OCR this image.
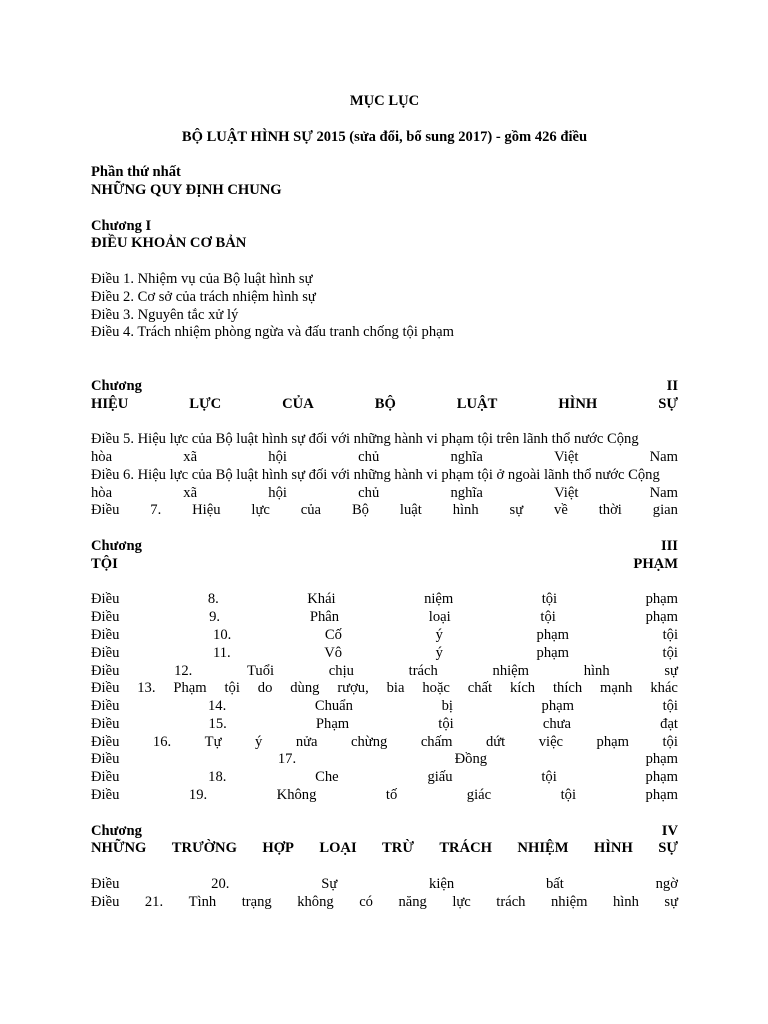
MỤC LỤC
BỘ LUẬT HÌNH SỰ 2015 (sửa đổi, bổ sung 2017) - gồm 426 điều
Phần thứ nhất
NHỮNG QUY ĐỊNH CHUNG
Chương I
ĐIỀU KHOẢN CƠ BẢN
Điều 1. Nhiệm vụ của Bộ luật hình sự
Điều 2. Cơ sở của trách nhiệm hình sự
Điều 3. Nguyên tắc xử lý
Điều 4. Trách nhiệm phòng ngừa và đấu tranh chống tội phạm
Chương	II
HIỆU	LỰC	CỦA	BỘ	LUẬT	HÌNH	SỰ
Điều 5. Hiệu lực của Bộ luật hình sự đối với những hành vi phạm tội trên lãnh thổ nước Cộng
hòa	xã	hội	chủ	nghĩa	Việt	Nam
Điều 6. Hiệu lực của Bộ luật hình sự đối với những hành vi phạm tội ở ngoài lãnh thổ nước Cộng
hòa	xã	hội	chủ	nghĩa	Việt	Nam
Điều 7. Hiệu lực của Bộ luật hình sự về thời gian
Chương	III
TỘI	PHẠM
Điều	8.	Khái	niệm	tội	phạm
Điều	9.	Phân	loại	tội	phạm
Điều	10.	Cố	ý	phạm	tội
Điều	11.	Vô	ý	phạm	tội
Điều	12.	Tuổi	chịu	trách	nhiệm	hình	sự
Điều 13. Phạm tội do dùng rượu, bia hoặc chất kích thích mạnh khác
Điều	14.	Chuẩn	bị	phạm	tội
Điều	15.	Phạm	tội	chưa	đạt
Điều 16. Tự ý nửa chừng chấm dứt việc phạm tội
Điều	17.	Đồng	phạm
Điều	18.	Che	giấu	tội	phạm
Điều	19.	Không	tố	giác	tội	phạm
Chương	IV
NHỮNG TRƯỜNG HỢP LOẠI TRỪ TRÁCH NHIỆM HÌNH SỰ
Điều	20.	Sự	kiện	bất	ngờ
Điều 21. Tình trạng không có năng lực trách nhiệm hình sự
